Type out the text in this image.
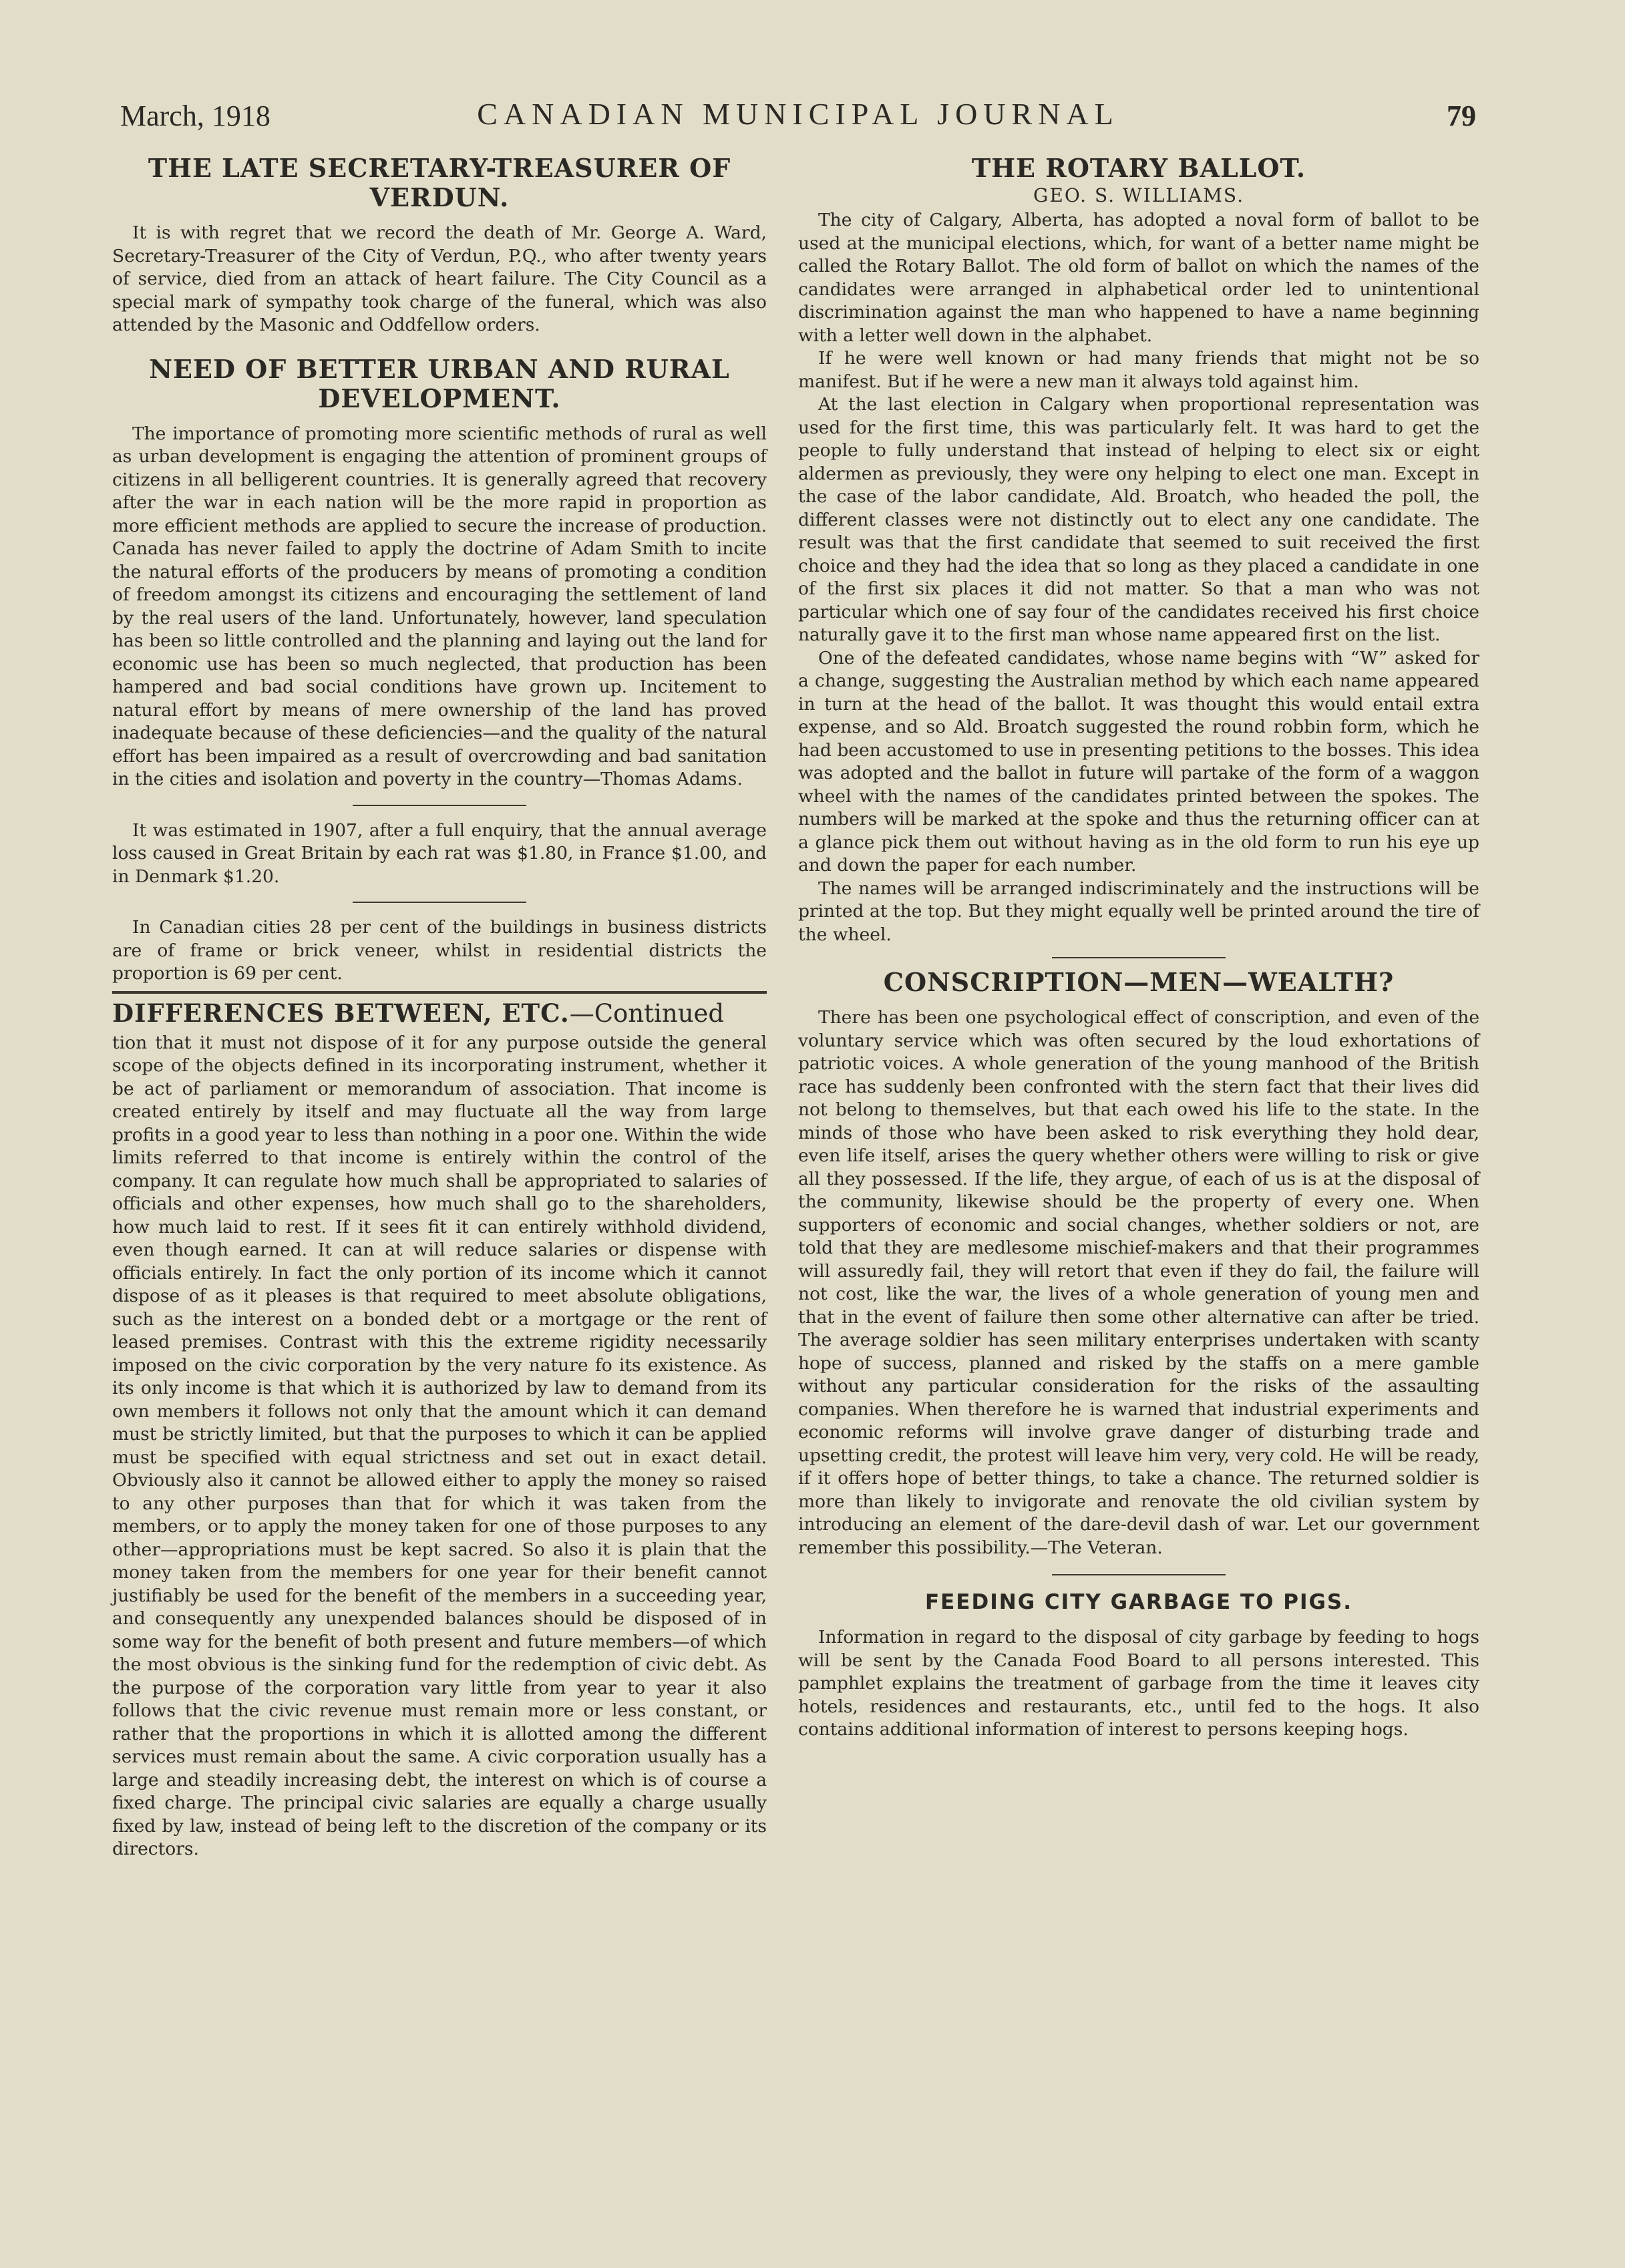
March, 1918	CANADIAN MUNICIPAL JOURNAL	79
THE LATE SECRETARY-TREASURER OF VERDUN.

It is with regret that we record the death of Mr. George A. Ward, Secretary-Treasurer of the City of Verdun, P.Q., who after twenty years of service, died from an attack of heart failure. The City Council as a special mark of sympathy took charge of the funeral, which was also attended by the Masonic and Oddfellow orders.

NEED OF BETTER URBAN AND RURAL DEVELOPMENT.

The importance of promoting more scientific methods of rural as well as urban development is engaging the attention of prominent groups of citizens in all belligerent countries. It is generally agreed that recovery after the war in each nation will be the more rapid in proportion as more efficient methods are applied to secure the increase of production. Canada has never failed to apply the doctrine of Adam Smith to incite the natural efforts of the producers by means of promoting a condition of freedom amongst its citizens and encouraging the settlement of land by the real users of the land. Unfortunately, however, land speculation has been so little controlled and the planning and laying out the land for economic use has been so much neglected, that production has been hampered and bad social conditions have grown up. Incitement to natural effort by means of mere ownership of the land has proved inadequate because of these deficiencies—and the quality of the natural effort has been impaired as a result of overcrowding and bad sanitation in the cities and isolation and poverty in the country—Thomas Adams.

It was estimated in 1907, after a full enquiry, that the annual average loss caused in Great Britain by each rat was $1.80, in France $1.00, and in Denmark $1.20.

In Canadian cities 28 per cent of the buildings in business districts are of frame or brick veneer, whilst in residential districts the proportion is 69 per cent.

DIFFERENCES BETWEEN, ETC.—Continued

tion that it must not dispose of it for any purpose outside the general scope of the objects defined in its incorporating instrument, whether it be act of parliament or memorandum of association. That income is created entirely by itself and may fluctuate all the way from large profits in a good year to less than nothing in a poor one. Within the wide limits referred to that income is entirely within the control of the company. It can regulate how much shall be appropriated to salaries of officials and other expenses, how much shall go to the shareholders, how much laid to rest. If it sees fit it can entirely withhold dividend, even though earned. It can at will reduce salaries or dispense with officials entirely. In fact the only portion of its income which it cannot dispose of as it pleases is that required to meet absolute obligations, such as the interest on a bonded debt or a mortgage or the rent of leased premises. Contrast with this the extreme rigidity necessarily imposed on the civic corporation by the very nature fo its existence. As its only income is that which it is authorized by law to demand from its own members it follows not only that the amount which it can demand must be strictly limited, but that the purposes to which it can be applied must be specified with equal strictness and set out in exact detail. Obviously also it cannot be allowed either to apply the money so raised to any other purposes than that for which it was taken from the members, or to apply the money taken for one of those purposes to any other—appropriations must be kept sacred. So also it is plain that the money taken from the members for one year for their benefit cannot justifiably be used for the benefit of the members in a succeeding year, and consequently any unexpended balances should be disposed of in some way for the benefit of both present and future members—of which the most obvious is the sinking fund for the redemption of civic debt. As the purpose of the corporation vary little from year to year it also follows that the civic revenue must remain more or less constant, or rather that the proportions in which it is allotted among the different services must remain about the same. A civic corporation usually has a large and steadily increasing debt, the interest on which is of course a fixed charge. The principal civic salaries are equally a charge usually fixed by law, instead of being left to the discretion of the company or its directors.

THE ROTARY BALLOT.
GEO. S. WILLIAMS.

The city of Calgary, Alberta, has adopted a noval form of ballot to be used at the municipal elections, which, for want of a better name might be called the Rotary Ballot. The old form of ballot on which the names of the candidates were arranged in alphabetical order led to unintentional discrimination against the man who happened to have a name beginning with a letter well down in the alphabet.

If he were well known or had many friends that might not be so manifest. But if he were a new man it always told against him.

At the last election in Calgary when proportional representation was used for the first time, this was particularly felt. It was hard to get the people to fully understand that instead of helping to elect six or eight aldermen as previously, they were ony helping to elect one man. Except in the case of the labor candidate, Ald. Broatch, who headed the poll, the different classes were not distinctly out to elect any one candidate. The result was that the first candidate that seemed to suit received the first choice and they had the idea that so long as they placed a candidate in one of the first six places it did not matter. So that a man who was not particular which one of say four of the candidates received his first choice naturally gave it to the first man whose name appeared first on the list.

One of the defeated candidates, whose name begins with “W” asked for a change, suggesting the Australian method by which each name appeared in turn at the head of the ballot. It was thought this would entail extra expense, and so Ald. Broatch suggested the round robbin form, which he had been accustomed to use in presenting petitions to the bosses. This idea was adopted and the ballot in future will partake of the form of a waggon wheel with the names of the candidates printed between the spokes. The numbers will be marked at the spoke and thus the returning officer can at a glance pick them out without having as in the old form to run his eye up and down the paper for each number.

The names will be arranged indiscriminately and the instructions will be printed at the top. But they might equally well be printed around the tire of the wheel.

CONSCRIPTION—MEN—WEALTH?

There has been one psychological effect of conscription, and even of the voluntary service which was often secured by the loud exhortations of patriotic voices. A whole generation of the young manhood of the British race has suddenly been confronted with the stern fact that their lives did not belong to themselves, but that each owed his life to the state. In the minds of those who have been asked to risk everything they hold dear, even life itself, arises the query whether others were willing to risk or give all they possessed. If the life, they argue, of each of us is at the disposal of the community, likewise should be the property of every one. When supporters of economic and social changes, whether soldiers or not, are told that they are medlesome mischief-makers and that their programmes will assuredly fail, they will retort that even if they do fail, the failure will not cost, like the war, the lives of a whole generation of young men and that in the event of failure then some other alternative can after be tried. The average soldier has seen military enterprises undertaken with scanty hope of success, planned and risked by the staffs on a mere gamble without any particular consideration for the risks of the assaulting companies. When therefore he is warned that industrial experiments and economic reforms will involve grave danger of disturbing trade and upsetting credit, the protest will leave him very, very cold. He will be ready, if it offers hope of better things, to take a chance. The returned soldier is more than likely to invigorate and renovate the old civilian system by introducing an element of the dare-devil dash of war. Let our government remember this possibility.—The Veteran.

FEEDING CITY GARBAGE TO PIGS.

Information in regard to the disposal of city garbage by feeding to hogs will be sent by the Canada Food Board to all persons interested. This pamphlet explains the treatment of garbage from the time it leaves city hotels, residences and restaurants, etc., until fed to the hogs. It also contains additional information of interest to persons keeping hogs.
